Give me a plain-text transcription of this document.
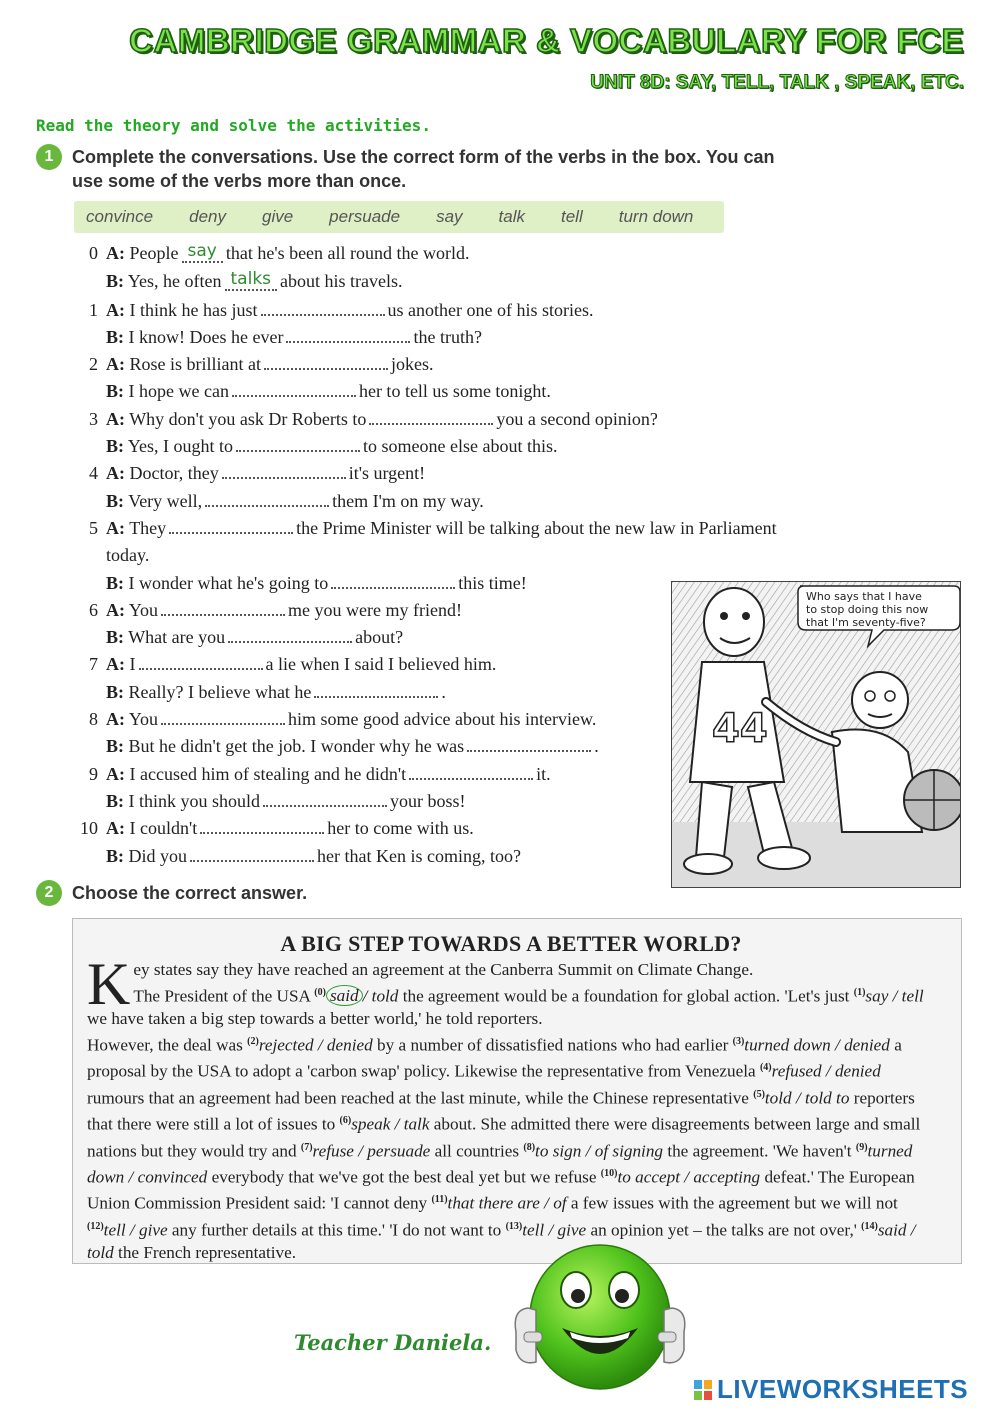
CAMBRIDGE GRAMMAR & VOCABULARY FOR FCE
UNIT 8D: SAY, TELL, TALK , SPEAK, ETC.
Read the theory and solve the activities.
1	Complete the conversations. Use the correct form of the verbs in the box. You can use some of the verbs more than once.
convince deny give persuade say talk tell turn down
0 A: People say that he's been all round the world.
B: Yes, he often talks about his travels.
1 A: I think he has just	us another one of his stories.
B: I know! Does he ever	the truth?
2 A: Rose is brilliant at	jokes.
B: I hope we can	her to tell us some tonight.
3 A: Why don't you ask Dr Roberts to	you a second opinion?
B: Yes, I ought to	to someone else about this.
4 A: Doctor, they	it's urgent!
B: Very well,	them I'm on my way.
5 A: They	the Prime Minister will be talking about the new law in Parliament today.
B: I wonder what he's going to	this time!
6 A: You	me you were my friend!
B: What are you	about?
7 A: I	a lie when I said I believed him.
B: Really? I believe what he	.
8 A: You	him some good advice about his interview.
B: But he didn't get the job. I wonder why he was	.
9 A: I accused him of stealing and he didn't	it.
B: I think you should	your boss!
10 A: I couldn't	her to come with us.
B: Did you	her that Ken is coming, too?
Who says that I have
to stop doing this now
that I'm seventy-five?
44
2	Choose the correct answer.
A BIG STEP TOWARDS A BETTER WORLD?

Key states say they have reached an agreement at the Canberra Summit on Climate Change.
The President of the USA $^{(0)}$ said / told the agreement would be a foundation for global action. 'Let's just $^{(1)}$say / tell we have taken a big step towards a better world,' he told reporters.
However, the deal was $^{(2)}$rejected / denied by a number of dissatisfied nations who had earlier $^{(3)}$turned down / denied a proposal by the USA to adopt a 'carbon swap' policy. Likewise the representative from Venezuela $^{(4)}$refused / denied rumours that an agreement had been reached at the last minute, while the Chinese representative $^{(5)}$told / told to reporters that there were still a lot of issues to $^{(6)}$speak / talk about. She admitted there were disagreements between large and small nations but they would try and $^{(7)}$refuse / persuade all countries $^{(8)}$to sign / of signing the agreement. 'We haven't $^{(9)}$turned down / convinced everybody that we've got the best deal yet but we refuse $^{(10)}$to accept / accepting defeat.' The European Union Commission President said: 'I cannot deny $^{(11)}$that there are / of a few issues with the agreement but we will not $^{(12)}$tell / give any further details at this time.' 'I do not want to $^{(13)}$tell / give an opinion yet – the talks are not over,' $^{(14)}$said / told the French representative.

Teacher Daniela.
LIVEWORKSHEETS
